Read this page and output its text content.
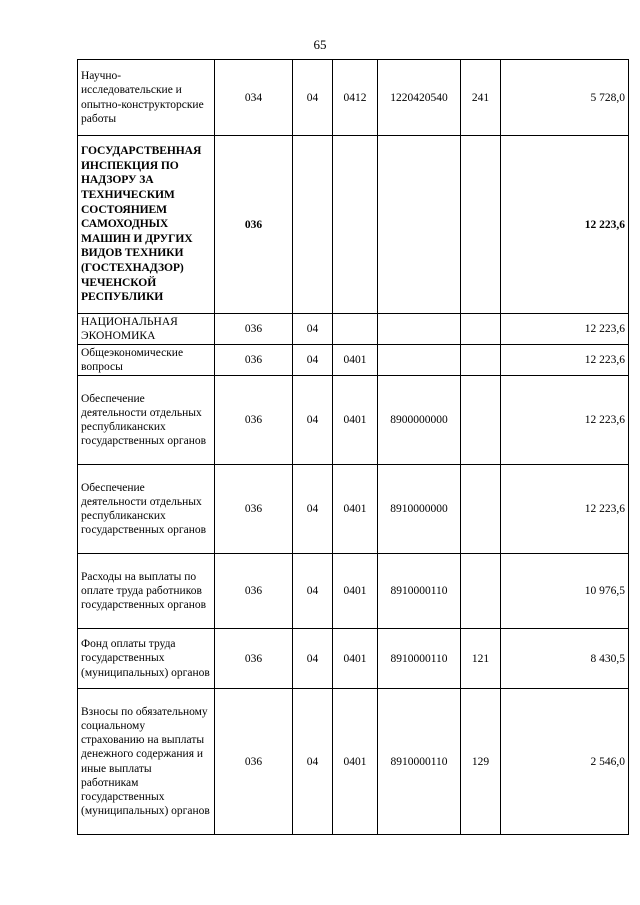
65
Научно-исследовательские и опытно-конструкторские работы	034	04	0412	1220420540	241	5 728,0
ГОСУДАРСТВЕННАЯ ИНСПЕКЦИЯ ПО НАДЗОРУ ЗА ТЕХНИЧЕСКИМ СОСТОЯНИЕМ САМОХОДНЫХ МАШИН И ДРУГИХ ВИДОВ ТЕХНИКИ (ГОСТЕХНАДЗОР) ЧЕЧЕНСКОЙ РЕСПУБЛИКИ	036					12 223,6
НАЦИОНАЛЬНАЯ ЭКОНОМИКА	036	04				12 223,6
Общеэкономические вопросы	036	04	0401			12 223,6
Обеспечение деятельности отдельных республиканских государственных органов	036	04	0401	8900000000		12 223,6
Обеспечение деятельности отдельных республиканских государственных органов	036	04	0401	8910000000		12 223,6
Расходы на выплаты по оплате труда работников государственных органов	036	04	0401	8910000110		10 976,5
Фонд оплаты труда государственных (муниципальных) органов	036	04	0401	8910000110	121	8 430,5
Взносы по обязательному социальному страхованию на выплаты денежного содержания и иные выплаты работникам государственных (муниципальных) органов	036	04	0401	8910000110	129	2 546,0
